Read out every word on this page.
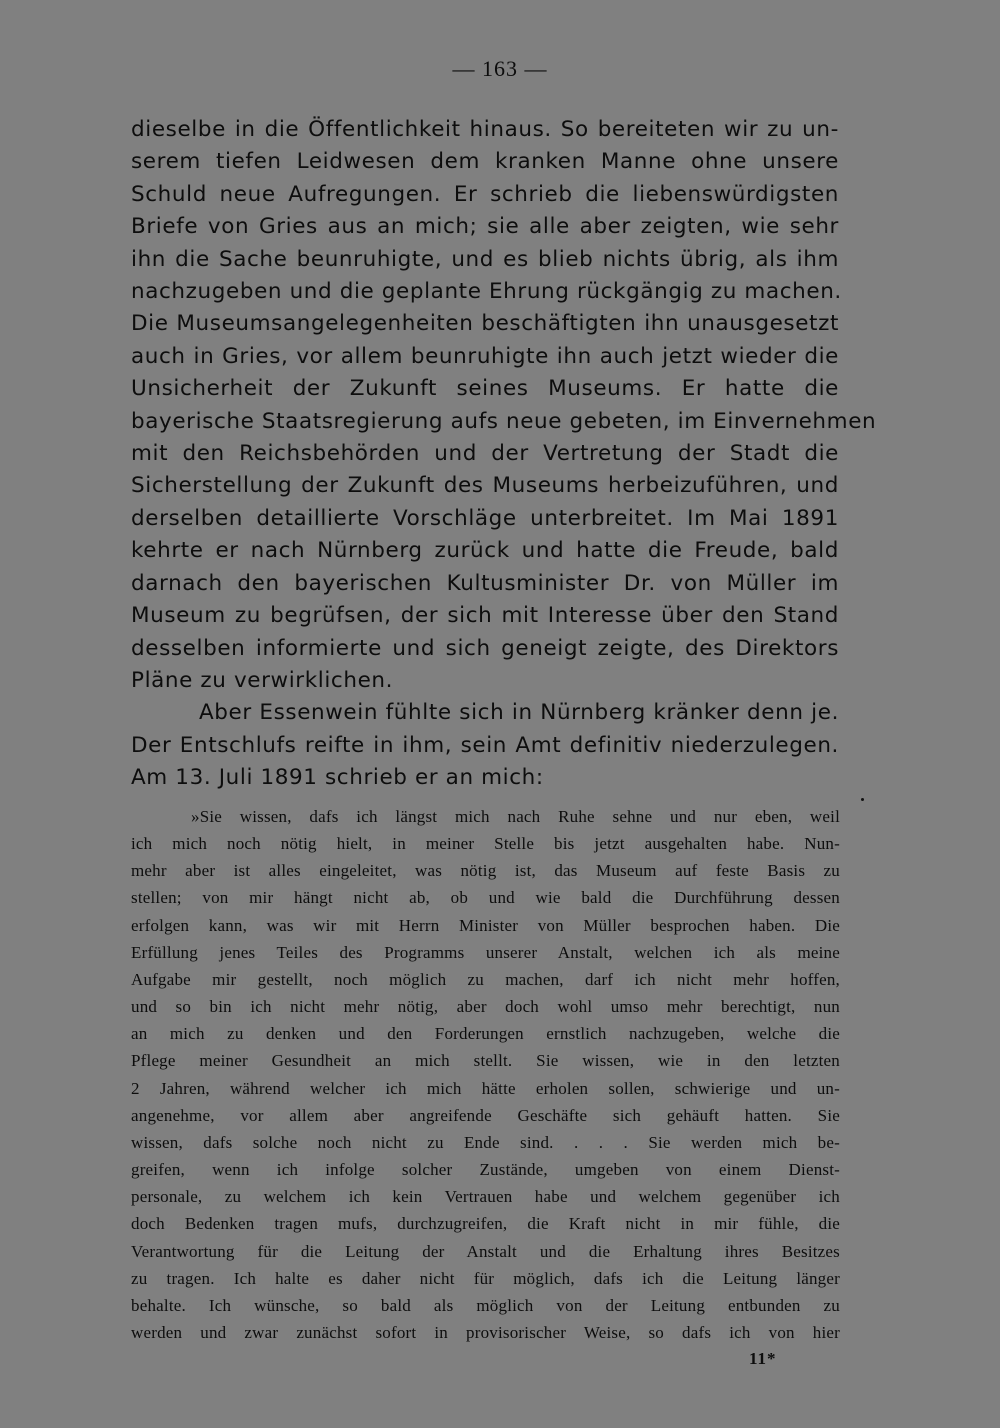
— 163 —
dieselbe in die Öffentlichkeit hinaus. So bereiteten wir zu un-
serem tiefen Leidwesen dem kranken Manne ohne unsere
Schuld neue Aufregungen. Er schrieb die liebenswürdigsten
Briefe von Gries aus an mich; sie alle aber zeigten, wie sehr
ihn die Sache beunruhigte, und es blieb nichts übrig, als ihm
nachzugeben und die geplante Ehrung rückgängig zu machen.
Die Museumsangelegenheiten beschäftigten ihn unausgesetzt
auch in Gries, vor allem beunruhigte ihn auch jetzt wieder die
Unsicherheit der Zukunft seines Museums. Er hatte die
bayerische Staatsregierung aufs neue gebeten, im Einvernehmen
mit den Reichsbehörden und der Vertretung der Stadt die
Sicherstellung der Zukunft des Museums herbeizuführen, und
derselben detaillierte Vorschläge unterbreitet. Im Mai 1891
kehrte er nach Nürnberg zurück und hatte die Freude, bald
darnach den bayerischen Kultusminister Dr. von Müller im
Museum zu begrüfsen, der sich mit Interesse über den Stand
desselben informierte und sich geneigt zeigte, des Direktors
Pläne zu verwirklichen.
Aber Essenwein fühlte sich in Nürnberg kränker denn je.
Der Entschlufs reifte in ihm, sein Amt definitiv niederzulegen.
Am 13. Juli 1891 schrieb er an mich:
»Sie wissen, dafs ich längst mich nach Ruhe sehne und nur eben, weil
ich mich noch nötig hielt, in meiner Stelle bis jetzt ausgehalten habe. Nun-
mehr aber ist alles eingeleitet, was nötig ist, das Museum auf feste Basis zu
stellen; von mir hängt nicht ab, ob und wie bald die Durchführung dessen
erfolgen kann, was wir mit Herrn Minister von Müller besprochen haben. Die
Erfüllung jenes Teiles des Programms unserer Anstalt, welchen ich als meine
Aufgabe mir gestellt, noch möglich zu machen, darf ich nicht mehr hoffen,
und so bin ich nicht mehr nötig, aber doch wohl umso mehr berechtigt, nun
an mich zu denken und den Forderungen ernstlich nachzugeben, welche die
Pflege meiner Gesundheit an mich stellt. Sie wissen, wie in den letzten
2 Jahren, während welcher ich mich hätte erholen sollen, schwierige und un-
angenehme, vor allem aber angreifende Geschäfte sich gehäuft hatten. Sie
wissen, dafs solche noch nicht zu Ende sind. . . . Sie werden mich be-
greifen, wenn ich infolge solcher Zustände, umgeben von einem Dienst-
personale, zu welchem ich kein Vertrauen habe und welchem gegenüber ich
doch Bedenken tragen mufs, durchzugreifen, die Kraft nicht in mir fühle, die
Verantwortung für die Leitung der Anstalt und die Erhaltung ihres Besitzes
zu tragen. Ich halte es daher nicht für möglich, dafs ich die Leitung länger
behalte. Ich wünsche, so bald als möglich von der Leitung entbunden zu
werden und zwar zunächst sofort in provisorischer Weise, so dafs ich von hier
11*
